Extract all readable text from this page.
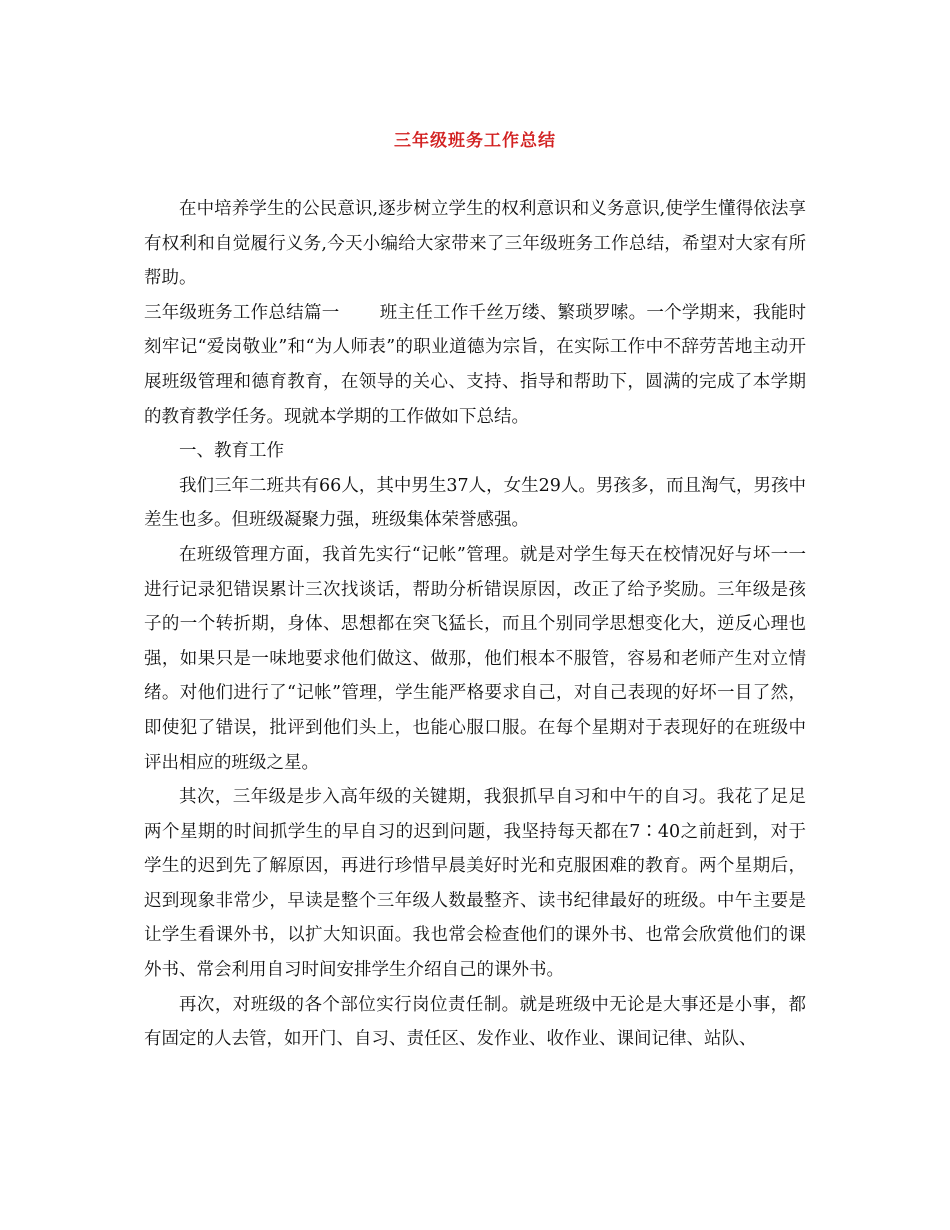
三年级班务工作总结

在中培养学生的公民意识,逐步树立学生的权利意识和义务意识,使学生懂得依法享有权利和自觉履行义务,今天小编给大家带来了三年级班务工作总结，希望对大家有所帮助。

三年级班务工作总结篇一 班主任工作千丝万缕、繁琐罗嗦。一个学期来，我能时刻牢记“爱岗敬业”和“为人师表”的职业道德为宗旨，在实际工作中不辞劳苦地主动开展班级管理和德育教育，在领导的关心、支持、指导和帮助下，圆满的完成了本学期的教育教学任务。现就本学期的工作做如下总结。

一、教育工作

我们三年二班共有66人，其中男生37人，女生29人。男孩多，而且淘气，男孩中差生也多。但班级凝聚力强，班级集体荣誉感强。

在班级管理方面，我首先实行“记帐”管理。就是对学生每天在校情况好与坏一一进行记录犯错误累计三次找谈话，帮助分析错误原因，改正了给予奖励。三年级是孩子的一个转折期，身体、思想都在突飞猛长，而且个别同学思想变化大，逆反心理也强，如果只是一味地要求他们做这、做那，他们根本不服管，容易和老师产生对立情绪。对他们进行了“记帐”管理，学生能严格要求自己，对自己表现的好坏一目了然，即使犯了错误，批评到他们头上，也能心服口服。在每个星期对于表现好的在班级中评出相应的班级之星。

其次，三年级是步入高年级的关键期，我狠抓早自习和中午的自习。我花了足足两个星期的时间抓学生的早自习的迟到问题，我坚持每天都在7∶40之前赶到，对于学生的迟到先了解原因，再进行珍惜早晨美好时光和克服困难的教育。两个星期后，迟到现象非常少，早读是整个三年级人数最整齐、读书纪律最好的班级。中午主要是让学生看课外书，以扩大知识面。我也常会检查他们的课外书、也常会欣赏他们的课外书、常会利用自习时间安排学生介绍自己的课外书。

再次，对班级的各个部位实行岗位责任制。就是班级中无论是大事还是小事，都有固定的人去管，如开门、自习、责任区、发作业、收作业、课间记律、站队、
